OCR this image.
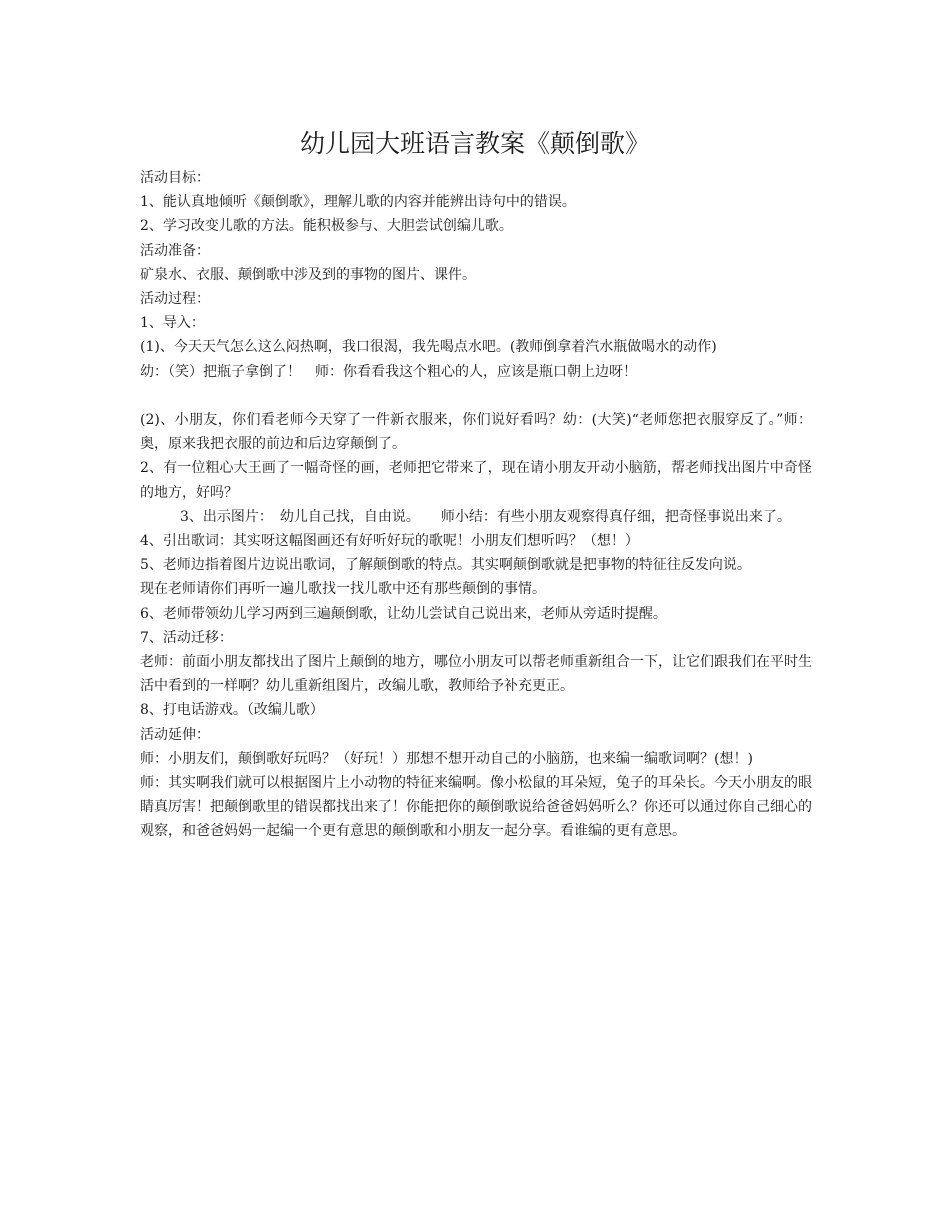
幼儿园大班语言教案《颠倒歌》

活动目标：

1、能认真地倾听《颠倒歌》，理解儿歌的内容并能辨出诗句中的错误。

2、学习改变儿歌的方法。能积极参与、大胆尝试创编儿歌。

活动准备：

矿泉水、衣服、颠倒歌中涉及到的事物的图片、课件。

活动过程：

1、导入：

(1)、今天天气怎么这么闷热啊，我口很渴，我先喝点水吧。(教师倒拿着汽水瓶做喝水的动作)

幼：（笑）把瓶子拿倒了！　师：你看看我这个粗心的人，应该是瓶口朝上边呀！

(2)、小朋友，你们看老师今天穿了一件新衣服来，你们说好看吗？幼：(大笑)“老师您把衣服穿反了。”师：奥，原来我把衣服的前边和后边穿颠倒了。

2、有一位粗心大王画了一幅奇怪的画，老师把它带来了，现在请小朋友开动小脑筋，帮老师找出图片中奇怪的地方，好吗？

3、出示图片：　幼儿自己找，自由说。　　师小结：有些小朋友观察得真仔细，把奇怪事说出来了。

4、引出歌词：其实呀这幅图画还有好听好玩的歌呢！小朋友们想听吗？（想！）

5、老师边指着图片边说出歌词，了解颠倒歌的特点。其实啊颠倒歌就是把事物的特征往反发向说。

现在老师请你们再听一遍儿歌找一找儿歌中还有那些颠倒的事情。

6、老师带领幼儿学习两到三遍颠倒歌，让幼儿尝试自己说出来，老师从旁适时提醒。

7、活动迁移：

老师：前面小朋友都找出了图片上颠倒的地方，哪位小朋友可以帮老师重新组合一下，让它们跟我们在平时生活中看到的一样啊？幼儿重新组图片，改编儿歌，教师给予补充更正。

8、打电话游戏。（改编儿歌）

活动延伸：

师：小朋友们，颠倒歌好玩吗？（好玩！）那想不想开动自己的小脑筋，也来编一编歌词啊？(想！)

师：其实啊我们就可以根据图片上小动物的特征来编啊。像小松鼠的耳朵短，兔子的耳朵长。今天小朋友的眼睛真厉害！把颠倒歌里的错误都找出来了！你能把你的颠倒歌说给爸爸妈妈听么？你还可以通过你自己细心的观察，和爸爸妈妈一起编一个更有意思的颠倒歌和小朋友一起分享。看谁编的更有意思。
